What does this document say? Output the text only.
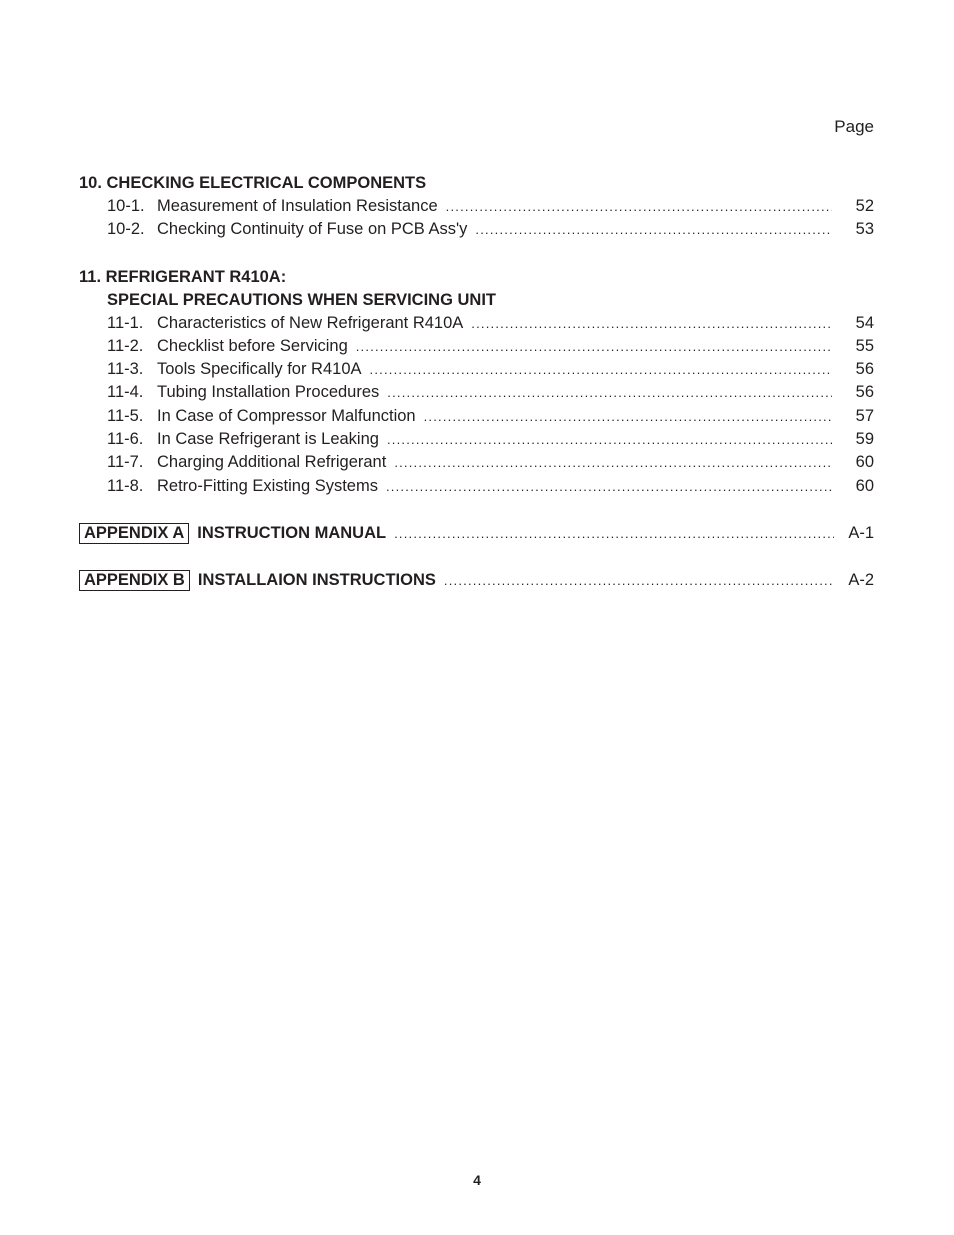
Page
10. CHECKING ELECTRICAL COMPONENTS
10-1. Measurement of Insulation Resistance .....	52
10-2. Checking Continuity of Fuse on PCB Ass'y .....	53
11. REFRIGERANT R410A:
SPECIAL PRECAUTIONS WHEN SERVICING UNIT
11-1. Characteristics of New Refrigerant R410A .....	54
11-2. Checklist before Servicing .....	55
11-3. Tools Specifically for R410A .....	56
11-4. Tubing Installation Procedures .....	56
11-5. In Case of Compressor Malfunction .....	57
11-6. In Case Refrigerant is Leaking .....	59
11-7. Charging Additional Refrigerant .....	60
11-8. Retro-Fitting Existing Systems .....	60
APPENDIX A INSTRUCTION MANUAL .....	A-1
APPENDIX B INSTALLAION INSTRUCTIONS .....	A-2
4
